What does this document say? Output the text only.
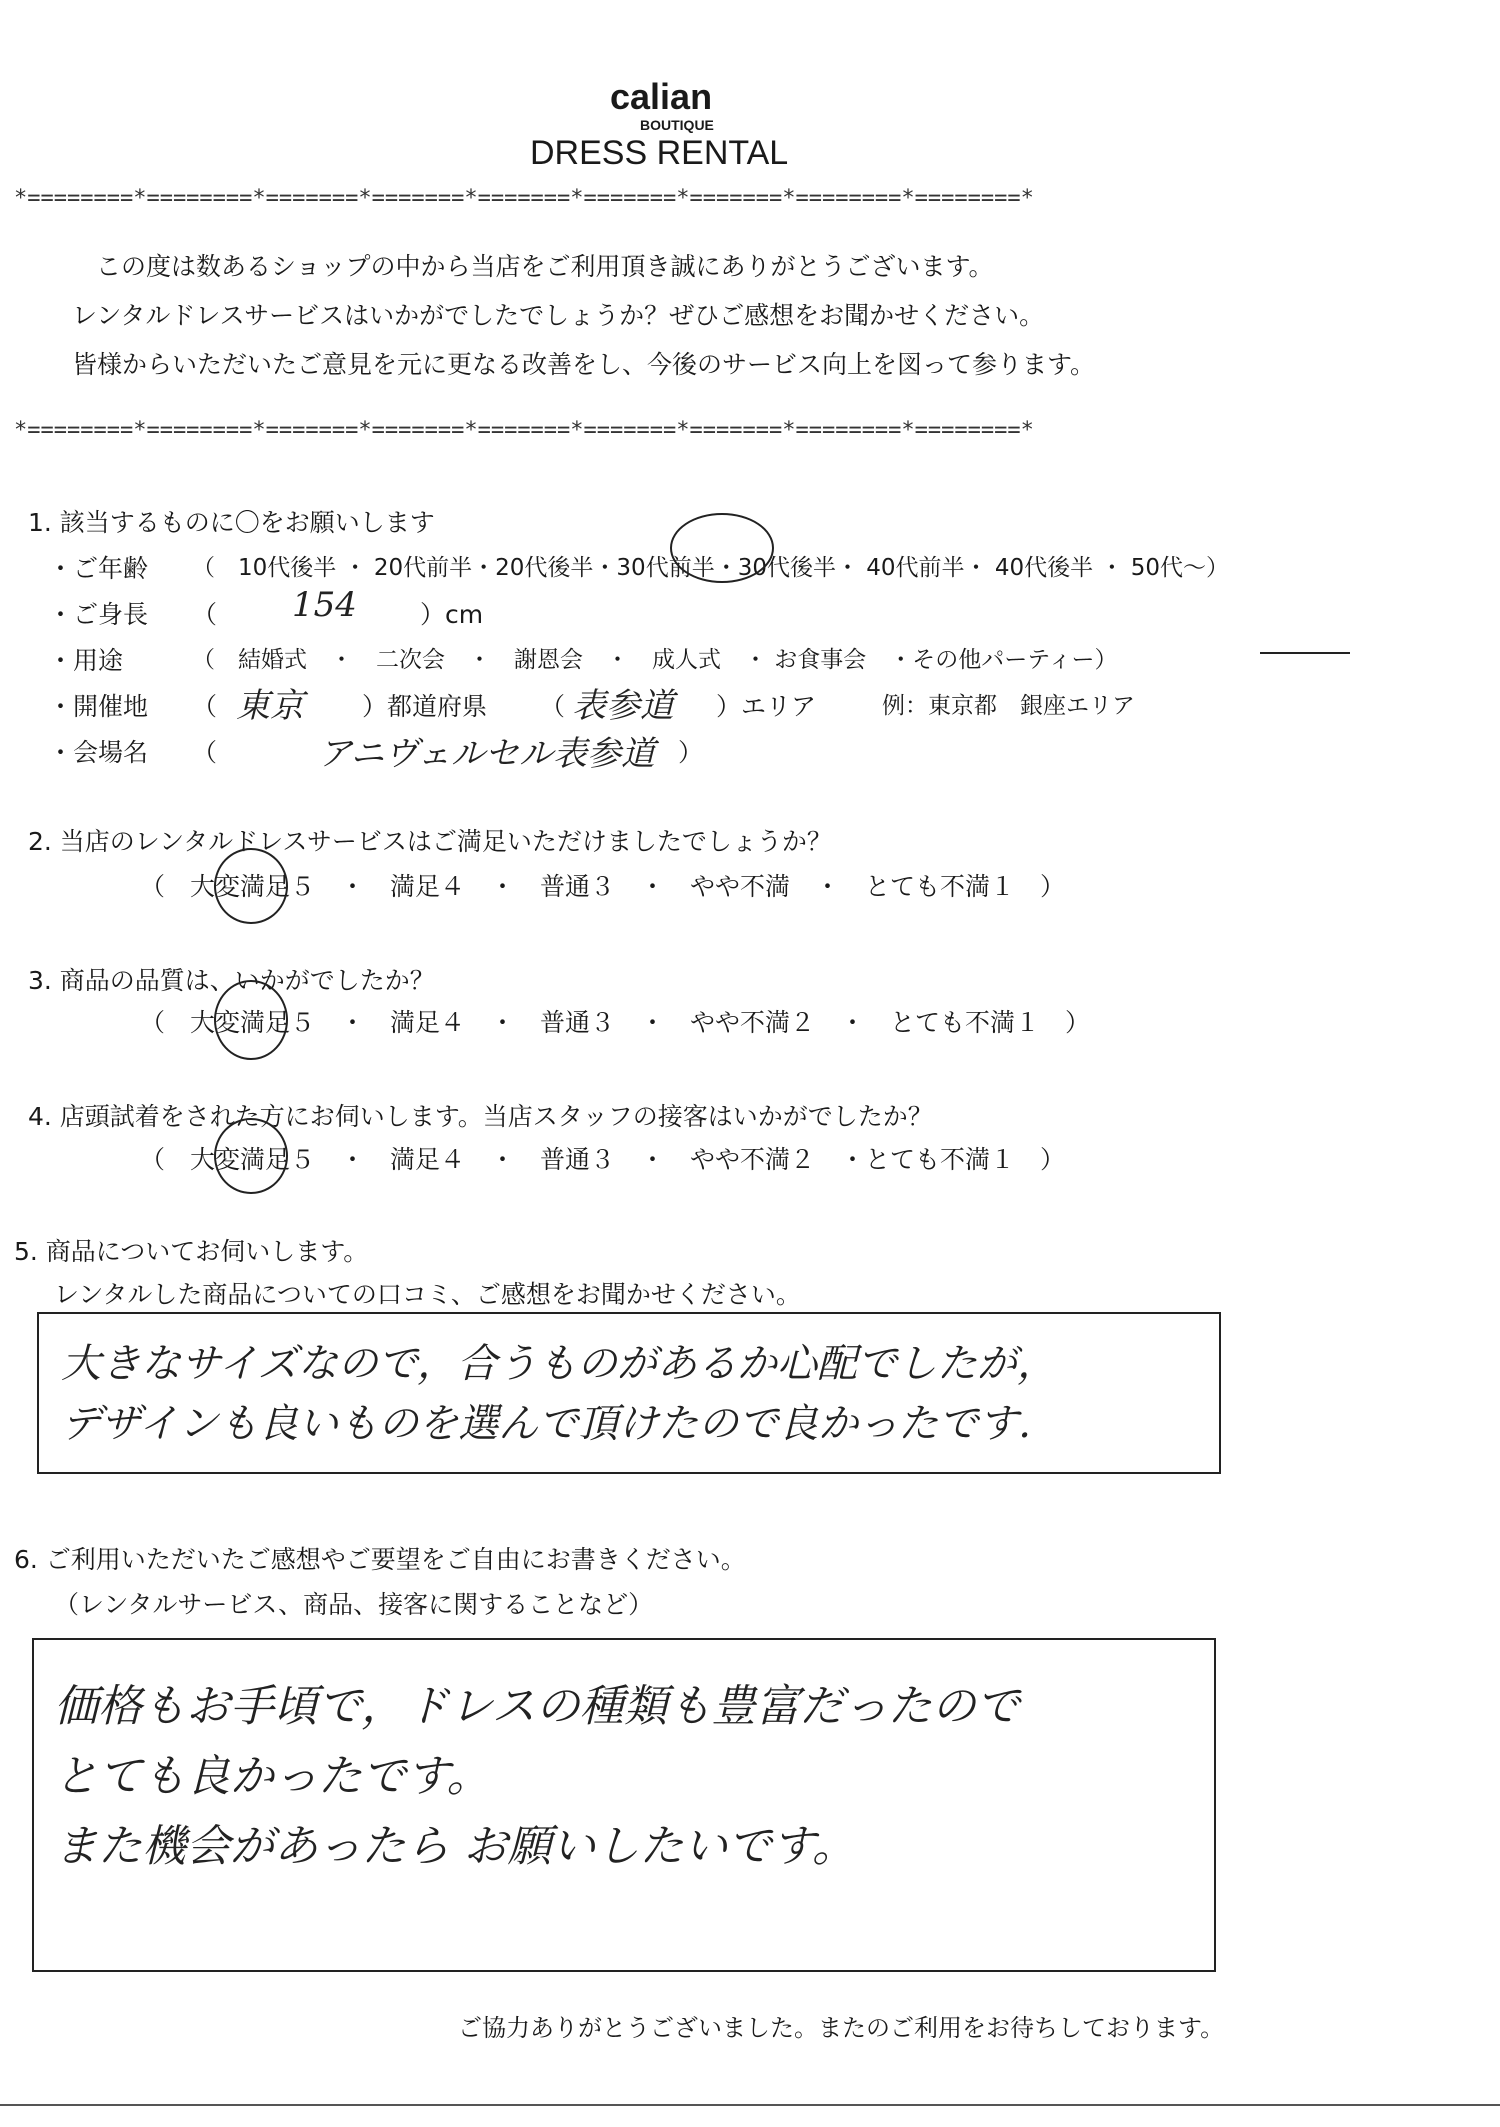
calian
BOUTIQUE
DRESS RENTAL
*========*========*=======*=======*=======*=======*=======*========*========*
この度は数あるショップの中から当店をご利用頂き誠にありがとうございます。
レンタルドレスサービスはいかがでしたでしょうか？ぜひご感想をお聞かせください。
皆様からいただいたご意見を元に更なる改善をし、今後のサービス向上を図って参ります。
*========*========*=======*=======*=======*=======*=======*========*========*
1. 該当するものに〇をお願いします
・ご年齢 （　10代後半 ・ 20代前半・20代後半・30代前半・30代後半・ 40代前半・ 40代後半 ・ 50代～）
・ご身長 （ 154	）cm
・用途	（　結婚式　・　二次会　・　謝恩会　・　成人式　・ お食事会　・その他パーティー）
・開催地 （ 東京 ）都道府県 （ 表参道 ）エリア	例：東京都　銀座エリア
・会場名 （	アニヴェルセル表参道 ）
2. 当店のレンタルドレスサービスはご満足いただけましたでしょうか？
（　大変満足５　・　満足４　・　普通３　・　やや不満　・　とても不満１　）
3. 商品の品質は、いかがでしたか？
（　大変満足５　・　満足４　・　普通３　・　やや不満２　・　とても不満１　）
4. 店頭試着をされた方にお伺いします。当店スタッフの接客はいかがでしたか？
（　大変満足５　・　満足４　・　普通３　・　やや不満２　・とても不満１　）
5. 商品についてお伺いします。
レンタルした商品についての口コミ、ご感想をお聞かせください。
大きなサイズなので，合うものがあるか心配でしたが，
デザインも良いものを選んで頂けたので良かったです.
6. ご利用いただいたご感想やご要望をご自由にお書きください。
（レンタルサービス、商品、接客に関することなど）
価格もお手頃で，ドレスの種類も豊富だったので
とても良かったです。
また機会があったら お願いしたいです。
ご協力ありがとうございました。またのご利用をお待ちしております。
